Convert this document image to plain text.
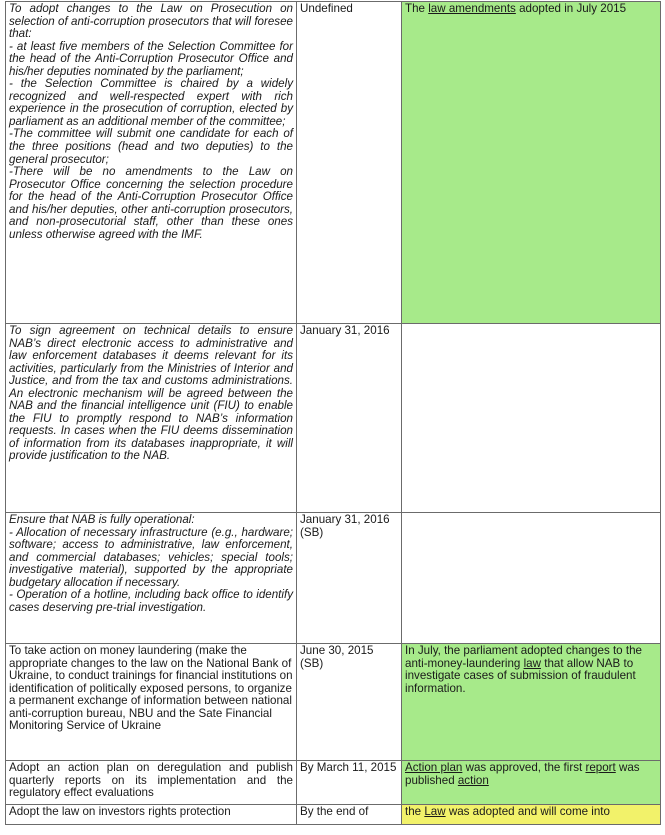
To adopt changes to the Law on Prosecution on selection of anti-corruption prosecutors that will foresee that:
- at least five members of the Selection Committee for the head of the Anti-Corruption Prosecutor Office and his/her deputies nominated by the parliament;
- the Selection Committee is chaired by a widely recognized and well-respected expert with rich experience in the prosecution of corruption, elected by parliament as an additional member of the committee;
-The committee will submit one candidate for each of the three positions (head and two deputies) to the general prosecutor;
-There will be no amendments to the Law on Prosecutor Office concerning the selection procedure for the head of the Anti-Corruption Prosecutor Office and his/her deputies, other anti-corruption prosecutors, and non-prosecutorial staff, other than these ones unless otherwise agreed with the IMF.	Undefined	The law amendments adopted in July 2015

To sign agreement on technical details to ensure NAB’s direct electronic access to administrative and law enforcement databases it deems relevant for its activities, particularly from the Ministries of Interior and Justice, and from the tax and customs administrations. An electronic mechanism will be agreed between the NAB and the financial intelligence unit (FIU) to enable the FIU to promptly respond to NAB’s information requests. In cases when the FIU deems dissemination of information from its databases inappropriate, it will provide justification to the NAB.	January 31, 2016	

Ensure that NAB is fully operational:
- Allocation of necessary infrastructure (e.g., hardware; software; access to administrative, law enforcement, and commercial databases; vehicles; special tools; investigative material), supported by the appropriate budgetary allocation if necessary.
- Operation of a hotline, including back office to identify cases deserving pre-trial investigation.	January 31, 2016 (SB)	

To take action on money laundering (make the appropriate changes to the law on the National Bank of Ukraine, to conduct trainings for financial institutions on identification of politically exposed persons, to organize a permanent exchange of information between national anti-corruption bureau, NBU and the Sate Financial Monitoring Service of Ukraine	June 30, 2015 (SB)	In July, the parliament adopted changes to the anti-money-laundering law that allow NAB to investigate cases of submission of fraudulent information.

Adopt an action plan on deregulation and publish quarterly reports on its implementation and the regulatory effect evaluations	By March 11, 2015	Action plan was approved, the first report was published action

Adopt the law on investors rights protection	By the end of	the Law was adopted and will come into
